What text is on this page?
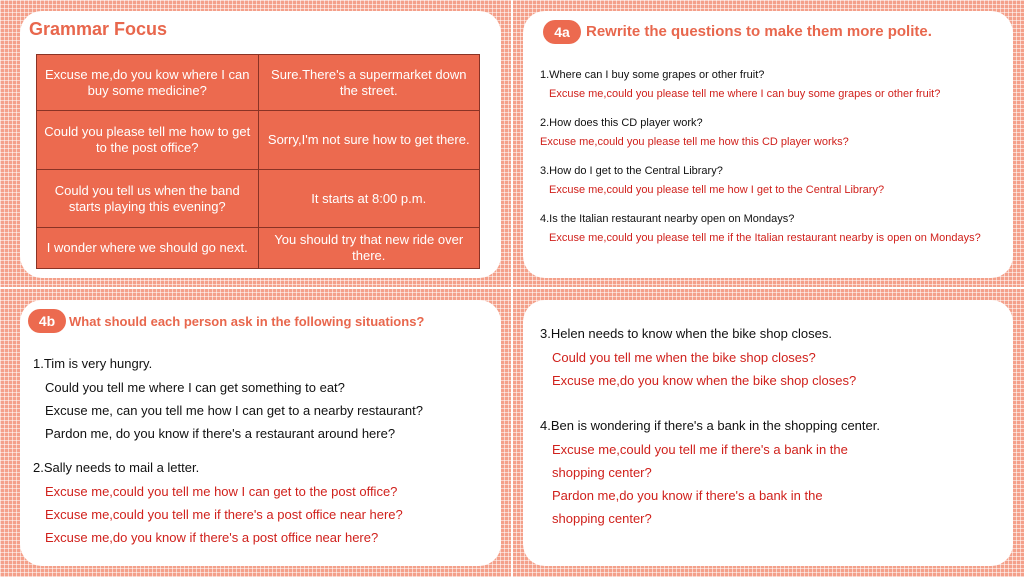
Grammar Focus
Excuse me,do you kow where I can buy some medicine?	Sure.There's a supermarket down the street.
Could you please tell me how to get to the post office?	Sorry,I'm not sure how to get there.
Could you tell us when the band starts playing this evening?	It starts at 8:00 p.m.
I wonder where we should go next.	You should try that new ride over there.
4a	Rewrite the questions to make them more polite.
1.Where can I buy some grapes or other fruit?
Excuse me,could you please tell me where I can buy some grapes or other fruit?
2.How does this CD player work?
Excuse me,could you please tell me how this CD player works?
3.How do I get to the Central Library?
Excuse me,could you please tell me how I get to the Central Library?
4.Is the Italian restaurant nearby open on Mondays?
Excuse me,could you please tell me if the Italian restaurant nearby is open on Mondays?
4b	What should each person ask in the following situations?
1.Tim is very hungry.
Could you tell me where I can get something to eat?
Excuse me, can you tell me how I can get to a nearby restaurant?
Pardon me, do you know if there's a restaurant around here?
2.Sally needs to mail a letter.
Excuse me,could you tell me how I can get to the post office?
Excuse me,could you tell me if there's a post office near here?
Excuse me,do you know if there's a post office near here?
3.Helen needs to know when the bike shop closes.
Could you tell me when the bike shop closes?
Excuse me,do you know when the bike shop closes?
4.Ben is wondering if there's a bank in the shopping center.
Excuse me,could you tell me if there's a bank in the shopping center?
Pardon me,do you know if there's a bank in the shopping center?
